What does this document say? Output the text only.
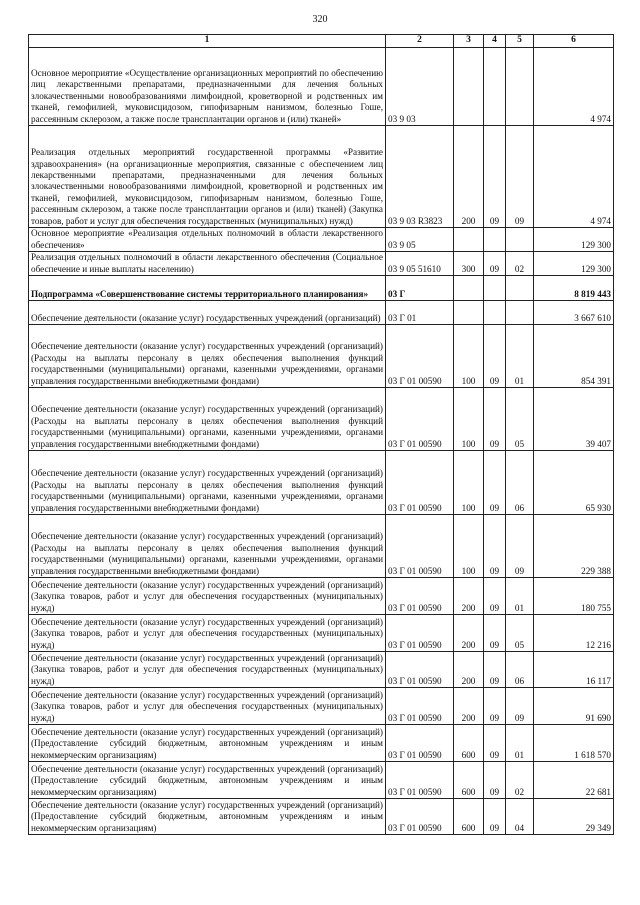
320
1	2	3	4	5	6
Основное мероприятие «Осуществление организационных мероприятий по обеспечению лиц лекарственными препаратами, предназначенными для лечения больных злокачественными новообразованиями лимфоидной, кроветворной и родственных им тканей, гемофилией, муковисцидозом, гипофизарным нанизмом, болезнью Гоше, рассеянным склерозом, а также после трансплантации органов и (или) тканей»	03 9 03				4 974
Реализация отдельных мероприятий государственной программы «Развитие здравоохранения» (на организационные мероприятия, связанные с обеспечением лиц лекарственными препаратами, предназначенными для лечения больных злокачественными новообразованиями лимфоидной, кроветворной и родственных им тканей, гемофилией, муковисцидозом, гипофизарным нанизмом, болезнью Гоше, рассеянным склерозом, а также после трансплантации органов и (или) тканей) (Закупка товаров, работ и услуг для обеспечения государственных (муниципальных) нужд)	03 9 03 R3823	200	09	09	4 974
Основное мероприятие «Реализация отдельных полномочий в области лекарственного обеспечения»	03 9 05				129 300
Реализация отдельных полномочий в области лекарственного обеспечения (Социальное обеспечение и иные выплаты населению)	03 9 05 51610	300	09	02	129 300
Подпрограмма «Совершенствование системы территориального планирования»	03 Г				8 819 443
Обеспечение деятельности (оказание услуг) государственных учреждений (организаций)	03 Г 01				3 667 610
Обеспечение деятельности (оказание услуг) государственных учреждений (организаций) (Расходы на выплаты персоналу в целях обеспечения выполнения функций государственными (муниципальными) органами, казенными учреждениями, органами управления государственными внебюджетными фондами)	03 Г 01 00590	100	09	01	854 391
Обеспечение деятельности (оказание услуг) государственных учреждений (организаций) (Расходы на выплаты персоналу в целях обеспечения выполнения функций государственными (муниципальными) органами, казенными учреждениями, органами управления государственными внебюджетными фондами)	03 Г 01 00590	100	09	05	39 407
Обеспечение деятельности (оказание услуг) государственных учреждений (организаций) (Расходы на выплаты персоналу в целях обеспечения выполнения функций государственными (муниципальными) органами, казенными учреждениями, органами управления государственными внебюджетными фондами)	03 Г 01 00590	100	09	06	65 930
Обеспечение деятельности (оказание услуг) государственных учреждений (организаций) (Расходы на выплаты персоналу в целях обеспечения выполнения функций государственными (муниципальными) органами, казенными учреждениями, органами управления государственными внебюджетными фондами)	03 Г 01 00590	100	09	09	229 388
Обеспечение деятельности (оказание услуг) государственных учреждений (организаций) (Закупка товаров, работ и услуг для обеспечения государственных (муниципальных) нужд)	03 Г 01 00590	200	09	01	180 755
Обеспечение деятельности (оказание услуг) государственных учреждений (организаций) (Закупка товаров, работ и услуг для обеспечения государственных (муниципальных) нужд)	03 Г 01 00590	200	09	05	12 216
Обеспечение деятельности (оказание услуг) государственных учреждений (организаций) (Закупка товаров, работ и услуг для обеспечения государственных (муниципальных) нужд)	03 Г 01 00590	200	09	06	16 117
Обеспечение деятельности (оказание услуг) государственных учреждений (организаций) (Закупка товаров, работ и услуг для обеспечения государственных (муниципальных) нужд)	03 Г 01 00590	200	09	09	91 690
Обеспечение деятельности (оказание услуг) государственных учреждений (организаций) (Предоставление субсидий бюджетным, автономным учреждениям и иным некоммерческим организациям)	03 Г 01 00590	600	09	01	1 618 570
Обеспечение деятельности (оказание услуг) государственных учреждений (организаций) (Предоставление субсидий бюджетным, автономным учреждениям и иным некоммерческим организациям)	03 Г 01 00590	600	09	02	22 681
Обеспечение деятельности (оказание услуг) государственных учреждений (организаций) (Предоставление субсидий бюджетным, автономным учреждениям и иным некоммерческим организациям)	03 Г 01 00590	600	09	04	29 349
